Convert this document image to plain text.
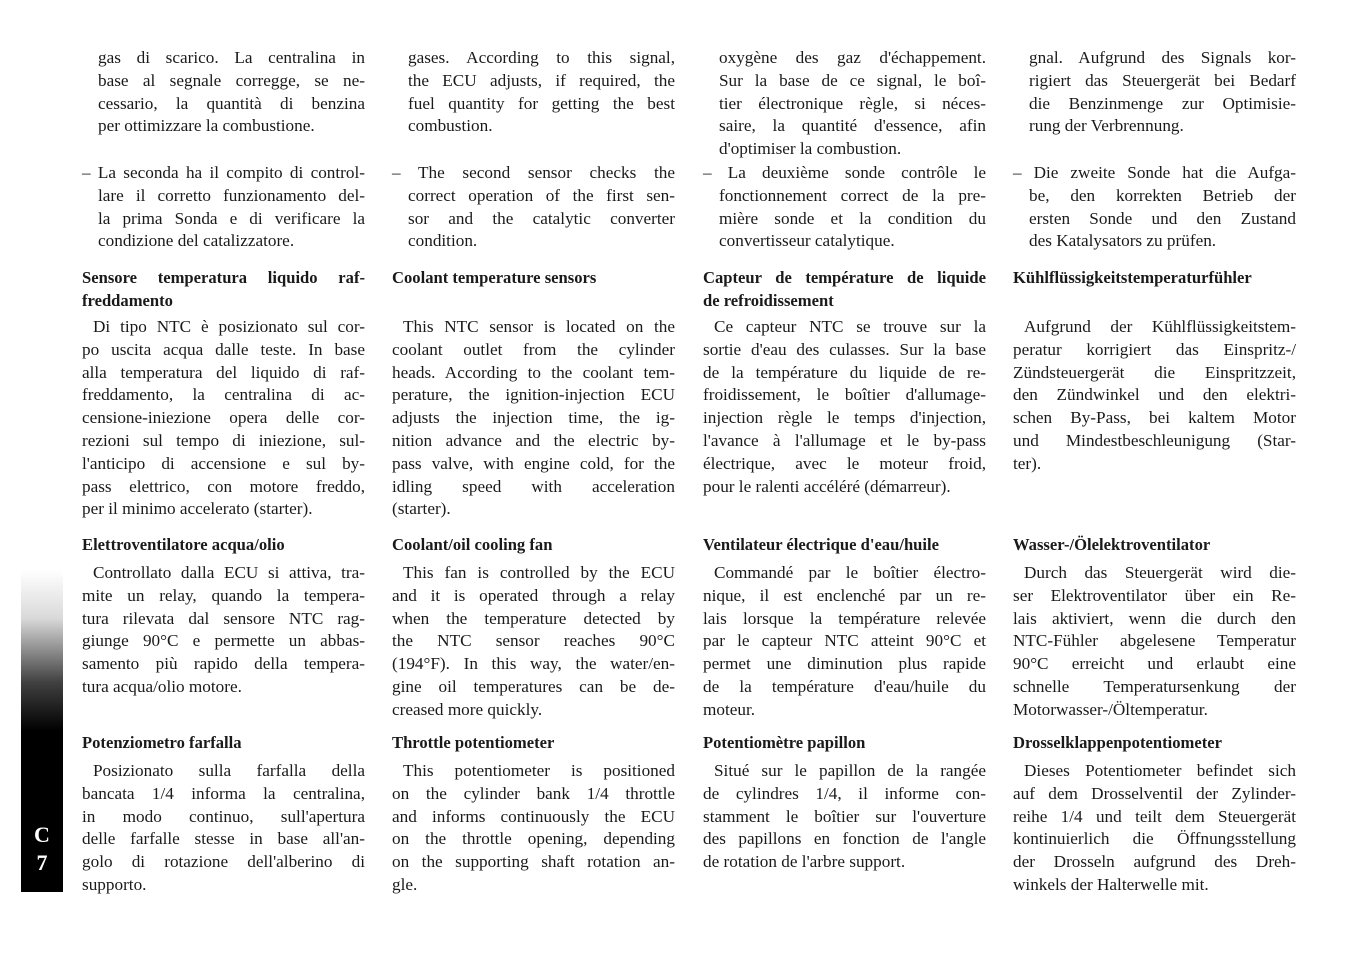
gas di scarico. La centralina in
base al segnale corregge, se ne-
cessario, la quantità di benzina
per ottimizzare la combustione.
– La seconda ha il compito di control-
lare il corretto funzionamento del-
la prima Sonda e di verificare la
condizione del catalizzatore.
Sensore temperatura liquido raf-
freddamento
Di tipo NTC è posizionato sul cor-
po uscita acqua dalle teste. In base
alla temperatura del liquido di raf-
freddamento, la centralina di ac-
censione-iniezione opera delle cor-
rezioni sul tempo di iniezione, sul-
l'anticipo di accensione e sul by-
pass elettrico, con motore freddo,
per il minimo accelerato (starter).
Elettroventilatore acqua/olio
Controllato dalla ECU si attiva, tra-
mite un relay, quando la tempera-
tura rilevata dal sensore NTC rag-
giunge 90°C e permette un abbas-
samento più rapido della tempera-
tura acqua/olio motore.
Potenziometro farfalla
Posizionato sulla farfalla della
bancata 1/4 informa la centralina,
in modo continuo, sull'apertura
delle farfalle stesse in base all'an-
golo di rotazione dell'alberino di
supporto.
gases. According to this signal,
the ECU adjusts, if required, the
fuel quantity for getting the best
combustion.
– The second sensor checks the
correct operation of the first sen-
sor and the catalytic converter
condition.
Coolant temperature sensors
This NTC sensor is located on the
coolant outlet from the cylinder
heads. According to the coolant tem-
perature, the ignition-injection ECU
adjusts the injection time, the ig-
nition advance and the electric by-
pass valve, with engine cold, for the
idling speed with acceleration
(starter).
Coolant/oil cooling fan
This fan is controlled by the ECU
and it is operated through a relay
when the temperature detected by
the NTC sensor reaches 90°C
(194°F). In this way, the water/en-
gine oil temperatures can be de-
creased more quickly.
Throttle potentiometer
This potentiometer is positioned
on the cylinder bank 1/4 throttle
and informs continuously the ECU
on the throttle opening, depending
on the supporting shaft rotation an-
gle.
oxygène des gaz d'échappement.
Sur la base de ce signal, le boî-
tier électronique règle, si néces-
saire, la quantité d'essence, afin
d'optimiser la combustion.
– La deuxième sonde contrôle le
fonctionnement correct de la pre-
mière sonde et la condition du
convertisseur catalytique.
Capteur de température de liquide
de refroidissement
Ce capteur NTC se trouve sur la
sortie d'eau des culasses. Sur la base
de la température du liquide de re-
froidissement, le boîtier d'allumage-
injection règle le temps d'injection,
l'avance à l'allumage et le by-pass
électrique, avec le moteur froid,
pour le ralenti accéléré (démarreur).
Ventilateur électrique d'eau/huile
Commandé par le boîtier électro-
nique, il est enclenché par un re-
lais lorsque la température relevée
par le capteur NTC atteint 90°C et
permet une diminution plus rapide
de la température d'eau/huile du
moteur.
Potentiomètre papillon
Situé sur le papillon de la rangée
de cylindres 1/4, il informe con-
stamment le boîtier sur l'ouverture
des papillons en fonction de l'angle
de rotation de l'arbre support.
gnal. Aufgrund des Signals kor-
rigiert das Steuergerät bei Bedarf
die Benzinmenge zur Optimisie-
rung der Verbrennung.
– Die zweite Sonde hat die Aufga-
be, den korrekten Betrieb der
ersten Sonde und den Zustand
des Katalysators zu prüfen.
Kühlflüssigkeitstemperaturfühler
Aufgrund der Kühlflüssigkeitstem-
peratur korrigiert das Einspritz-/
Zündsteuergerät die Einspritzzeit,
den Zündwinkel und den elektri-
schen By-Pass, bei kaltem Motor
und Mindestbeschleunigung (Star-
ter).
Wasser-/Ölelektroventilator
Durch das Steuergerät wird die-
ser Elektroventilator über ein Re-
lais aktiviert, wenn die durch den
NTC-Fühler abgelesene Temperatur
90°C erreicht und erlaubt eine
schnelle Temperatursenkung der
Motorwasser-/Öltemperatur.
Drosselklappenpotentiometer
Dieses Potentiometer befindet sich
auf dem Drosselventil der Zylinder-
reihe 1/4 und teilt dem Steuergerät
kontinuierlich die Öffnungsstellung
der Drosseln aufgrund des Dreh-
winkels der Halterwelle mit.
C
7
